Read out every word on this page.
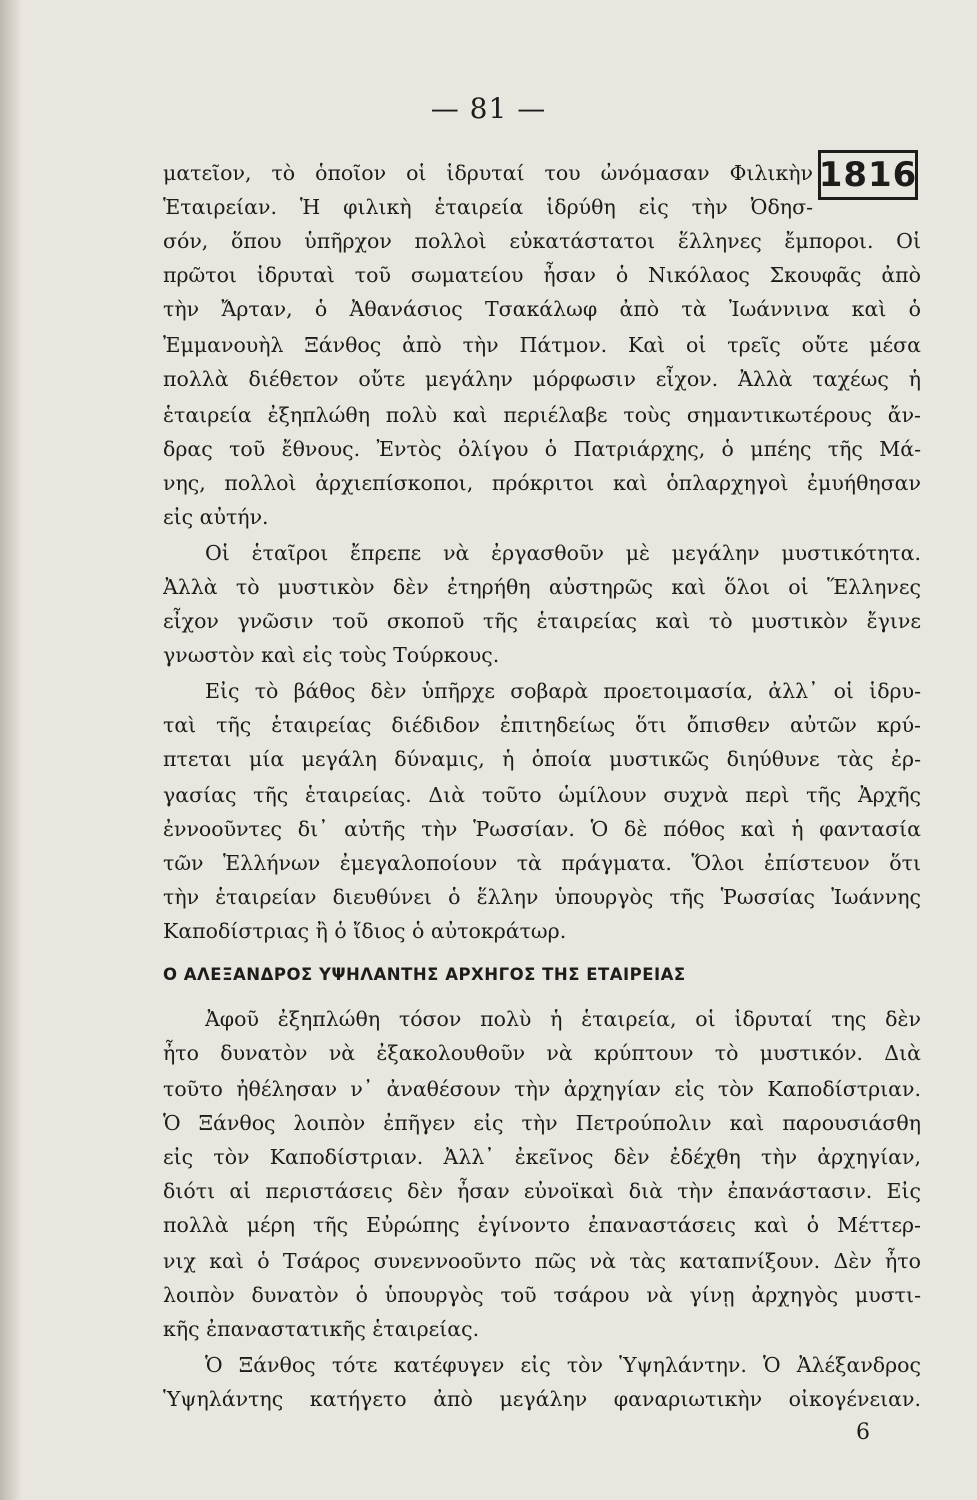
— 81 —
1816
ματεῖον, τὸ ὁποῖον οἱ ἱδρυταί του ὠνόμασαν Φιλικὴν
Ἑταιρείαν. Ἡ φιλικὴ ἑταιρεία ἱδρύθη εἰς τὴν Ὀδησ-
σόν, ὅπου ὑπῆρχον πολλοὶ εὐκατάστατοι ἕλληνες ἔμποροι. Οἱ
πρῶτοι ἱδρυταὶ τοῦ σωματείου ἦσαν ὁ Νικόλαος Σκουφᾶς ἀπὸ
τὴν Ἄρταν, ὁ Ἀθανάσιος Τσακάλωφ ἀπὸ τὰ Ἰωάννινα καὶ ὁ
Ἐμμανουὴλ Ξάνθος ἀπὸ τὴν Πάτμον. Καὶ οἱ τρεῖς οὔτε μέσα
πολλὰ διέθετον οὔτε μεγάλην μόρφωσιν εἶχον. Ἀλλὰ ταχέως ἡ
ἑταιρεία ἐξηπλώθη πολὺ καὶ περιέλαβε τοὺς σημαντικωτέρους ἄν-
δρας τοῦ ἔθνους. Ἐντὸς ὀλίγου ὁ Πατριάρχης, ὁ μπέης τῆς Μά-
νης, πολλοὶ ἀρχιεπίσκοποι, πρόκριτοι καὶ ὁπλαρχηγοὶ ἐμυήθησαν
εἰς αὐτήν.
Οἱ ἑταῖροι ἔπρεπε νὰ ἐργασθοῦν μὲ μεγάλην μυστικότητα.
Ἀλλὰ τὸ μυστικὸν δὲν ἐτηρήθη αὐστηρῶς καὶ ὅλοι οἱ Ἕλληνες
εἶχον γνῶσιν τοῦ σκοποῦ τῆς ἑταιρείας καὶ τὸ μυστικὸν ἔγινε
γνωστὸν καὶ εἰς τοὺς Τούρκους.
Εἰς τὸ βάθος δὲν ὑπῆρχε σοβαρὰ προετοιμασία, ἀλλ᾽ οἱ ἱδρυ-
ταὶ τῆς ἑταιρείας διέδιδον ἐπιτηδείως ὅτι ὄπισθεν αὐτῶν κρύ-
πτεται μία μεγάλη δύναμις, ἡ ὁποία μυστικῶς διηύθυνε τὰς ἐρ-
γασίας τῆς ἑταιρείας. Διὰ τοῦτο ὡμίλουν συχνὰ περὶ τῆς Ἀρχῆς
ἐννοοῦντες δι᾽ αὐτῆς τὴν Ῥωσσίαν. Ὁ δὲ πόθος καὶ ἡ φαντασία
τῶν Ἑλλήνων ἐμεγαλοποίουν τὰ πράγματα. Ὅλοι ἐπίστευον ὅτι
τὴν ἑταιρείαν διευθύνει ὁ ἕλλην ὑπουργὸς τῆς Ῥωσσίας Ἰωάννης
Καποδίστριας ἢ ὁ ἴδιος ὁ αὐτοκράτωρ.
Ο ΑΛΕΞΑΝΔΡΟΣ ΥΨΗΛΑΝΤΗΣ ΑΡΧΗΓΟΣ ΤΗΣ ΕΤΑΙΡΕΙΑΣ
Ἀφοῦ ἐξηπλώθη τόσον πολὺ ἡ ἑταιρεία, οἱ ἱδρυταί της δὲν
ἦτο δυνατὸν νὰ ἐξακολουθοῦν νὰ κρύπτουν τὸ μυστικόν. Διὰ
τοῦτο ἠθέλησαν ν᾽ ἀναθέσουν τὴν ἀρχηγίαν εἰς τὸν Καποδίστριαν.
Ὁ Ξάνθος λοιπὸν ἐπῆγεν εἰς τὴν Πετρούπολιν καὶ παρουσιάσθη
εἰς τὸν Καποδίστριαν. Ἀλλ᾽ ἐκεῖνος δὲν ἐδέχθη τὴν ἀρχηγίαν,
διότι αἱ περιστάσεις δὲν ἦσαν εὐνοϊκαὶ διὰ τὴν ἐπανάστασιν. Εἰς
πολλὰ μέρη τῆς Εὐρώπης ἐγίνοντο ἐπαναστάσεις καὶ ὁ Μέττερ-
νιχ καὶ ὁ Τσάρος συνεννοοῦντο πῶς νὰ τὰς καταπνίξουν. Δὲν ἦτο
λοιπὸν δυνατὸν ὁ ὑπουργὸς τοῦ τσάρου νὰ γίνῃ ἀρχηγὸς μυστι-
κῆς ἐπαναστατικῆς ἑταιρείας.
Ὁ Ξάνθος τότε κατέφυγεν εἰς τὸν Ὑψηλάντην. Ὁ Ἀλέξανδρος
Ὑψηλάντης κατήγετο ἀπὸ μεγάλην φαναριωτικὴν οἰκογένειαν.
6
